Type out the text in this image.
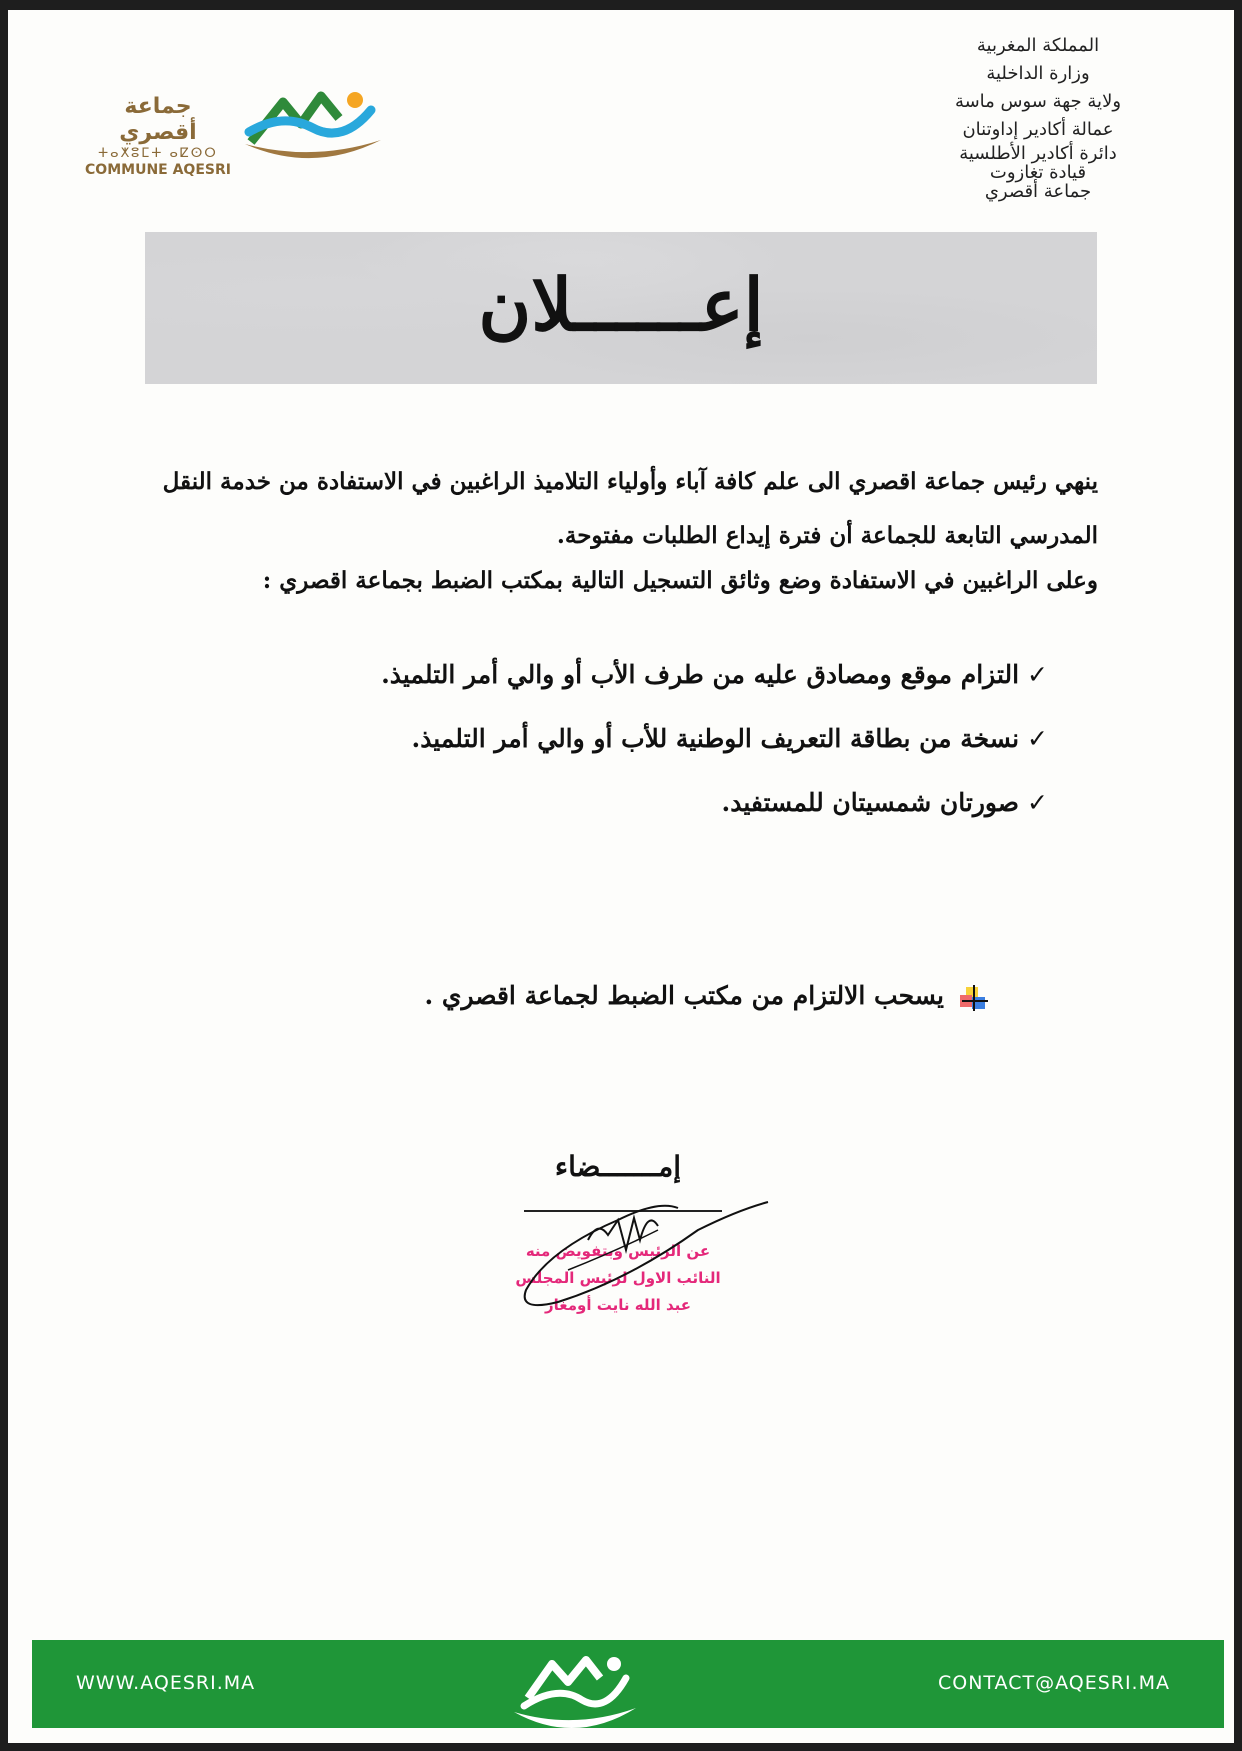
جماعة أقصري
ⵜⴰⵅⵓⵎⵜ ⴰⵇⵙⵔ
COMMUNE AQESRI
المملكة المغربية
وزارة الداخلية
ولاية جهة سوس ماسة
عمالة أكادير إداوتنان
دائرة أكادير الأطلسية
قيادة تغازوت
جماعة أقصري
إعــــــلان
ينهي رئيس جماعة اقصري الى علم كافة آباء وأولياء التلاميذ الراغبين في الاستفادة من خدمة النقل المدرسي التابعة للجماعة أن فترة إيداع الطلبات مفتوحة.
وعلى الراغبين في الاستفادة وضع وثائق التسجيل التالية بمكتب الضبط بجماعة اقصري :
✓التزام موقع ومصادق عليه من طرف الأب أو والي أمر التلميذ.
✓نسخة من بطاقة التعريف الوطنية للأب أو والي أمر التلميذ.
✓صورتان شمسيتان للمستفيد.
يسحب الالتزام من مكتب الضبط لجماعة اقصري .
إمـــــــضاء
عن الرئيس وبتفويض منه
النائب الاول لرئيس المجلس
عبد الله نايت أومغار
WWW.AQESRI.MA	CONTACT@AQESRI.MA
